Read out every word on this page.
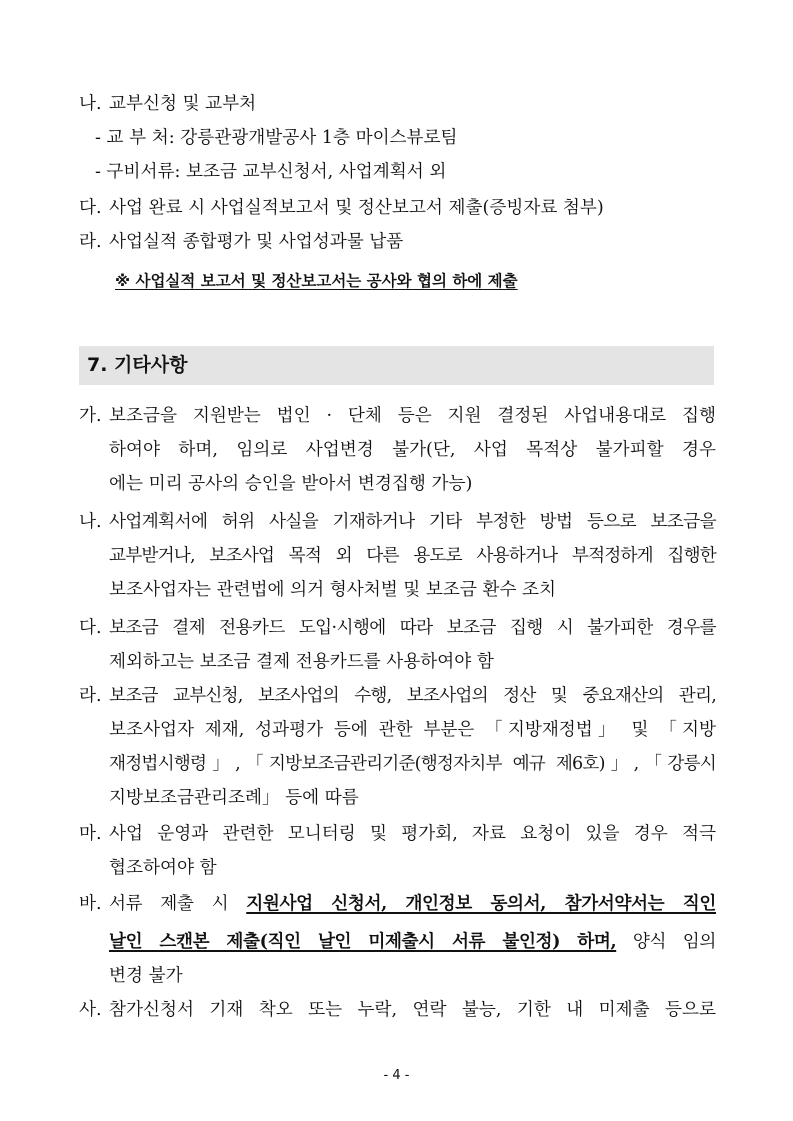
나. 교부신청 및 교부처
- 교 부 처: 강릉관광개발공사 1층 마이스뷰로팀
- 구비서류: 보조금 교부신청서, 사업계획서 외
다. 사업 완료 시 사업실적보고서 및 정산보고서 제출(증빙자료 첨부)
라. 사업실적 종합평가 및 사업성과물 납품
※ 사업실적 보고서 및 정산보고서는 공사와 협의 하에 제출
7. 기타사항
가. 보조금을 지원받는 법인 · 단체 등은 지원 결정된 사업내용대로 집행
하여야 하며, 임의로 사업변경 불가(단, 사업 목적상 불가피할 경우
에는 미리 공사의 승인을 받아서 변경집행 가능)
나. 사업계획서에 허위 사실을 기재하거나 기타 부정한 방법 등으로 보조금을
교부받거나, 보조사업 목적 외 다른 용도로 사용하거나 부적정하게 집행한
보조사업자는 관련법에 의거 형사처벌 및 보조금 환수 조치
다. 보조금 결제 전용카드 도입·시행에 따라 보조금 집행 시 불가피한 경우를
제외하고는 보조금 결제 전용카드를 사용하여야 함
라. 보조금 교부신청, 보조사업의 수행, 보조사업의 정산 및 중요재산의 관리,
보조사업자 제재, 성과평가 등에 관한 부분은 「지방재정법」 및 「지방
재정법시행령」,「지방보조금관리기준(행정자치부 예규 제6호)」,「강릉시
지방보조금관리조례」 등에 따름
마. 사업 운영과 관련한 모니터링 및 평가회, 자료 요청이 있을 경우 적극
협조하여야 함
바. 서류 제출 시 지원사업 신청서, 개인정보 동의서, 참가서약서는 직인
날인 스캔본 제출(직인 날인 미제출시 서류 불인정) 하며, 양식 임의
변경 불가
사. 참가신청서 기재 착오 또는 누락, 연락 불능, 기한 내 미제출 등으로
- 4 -
